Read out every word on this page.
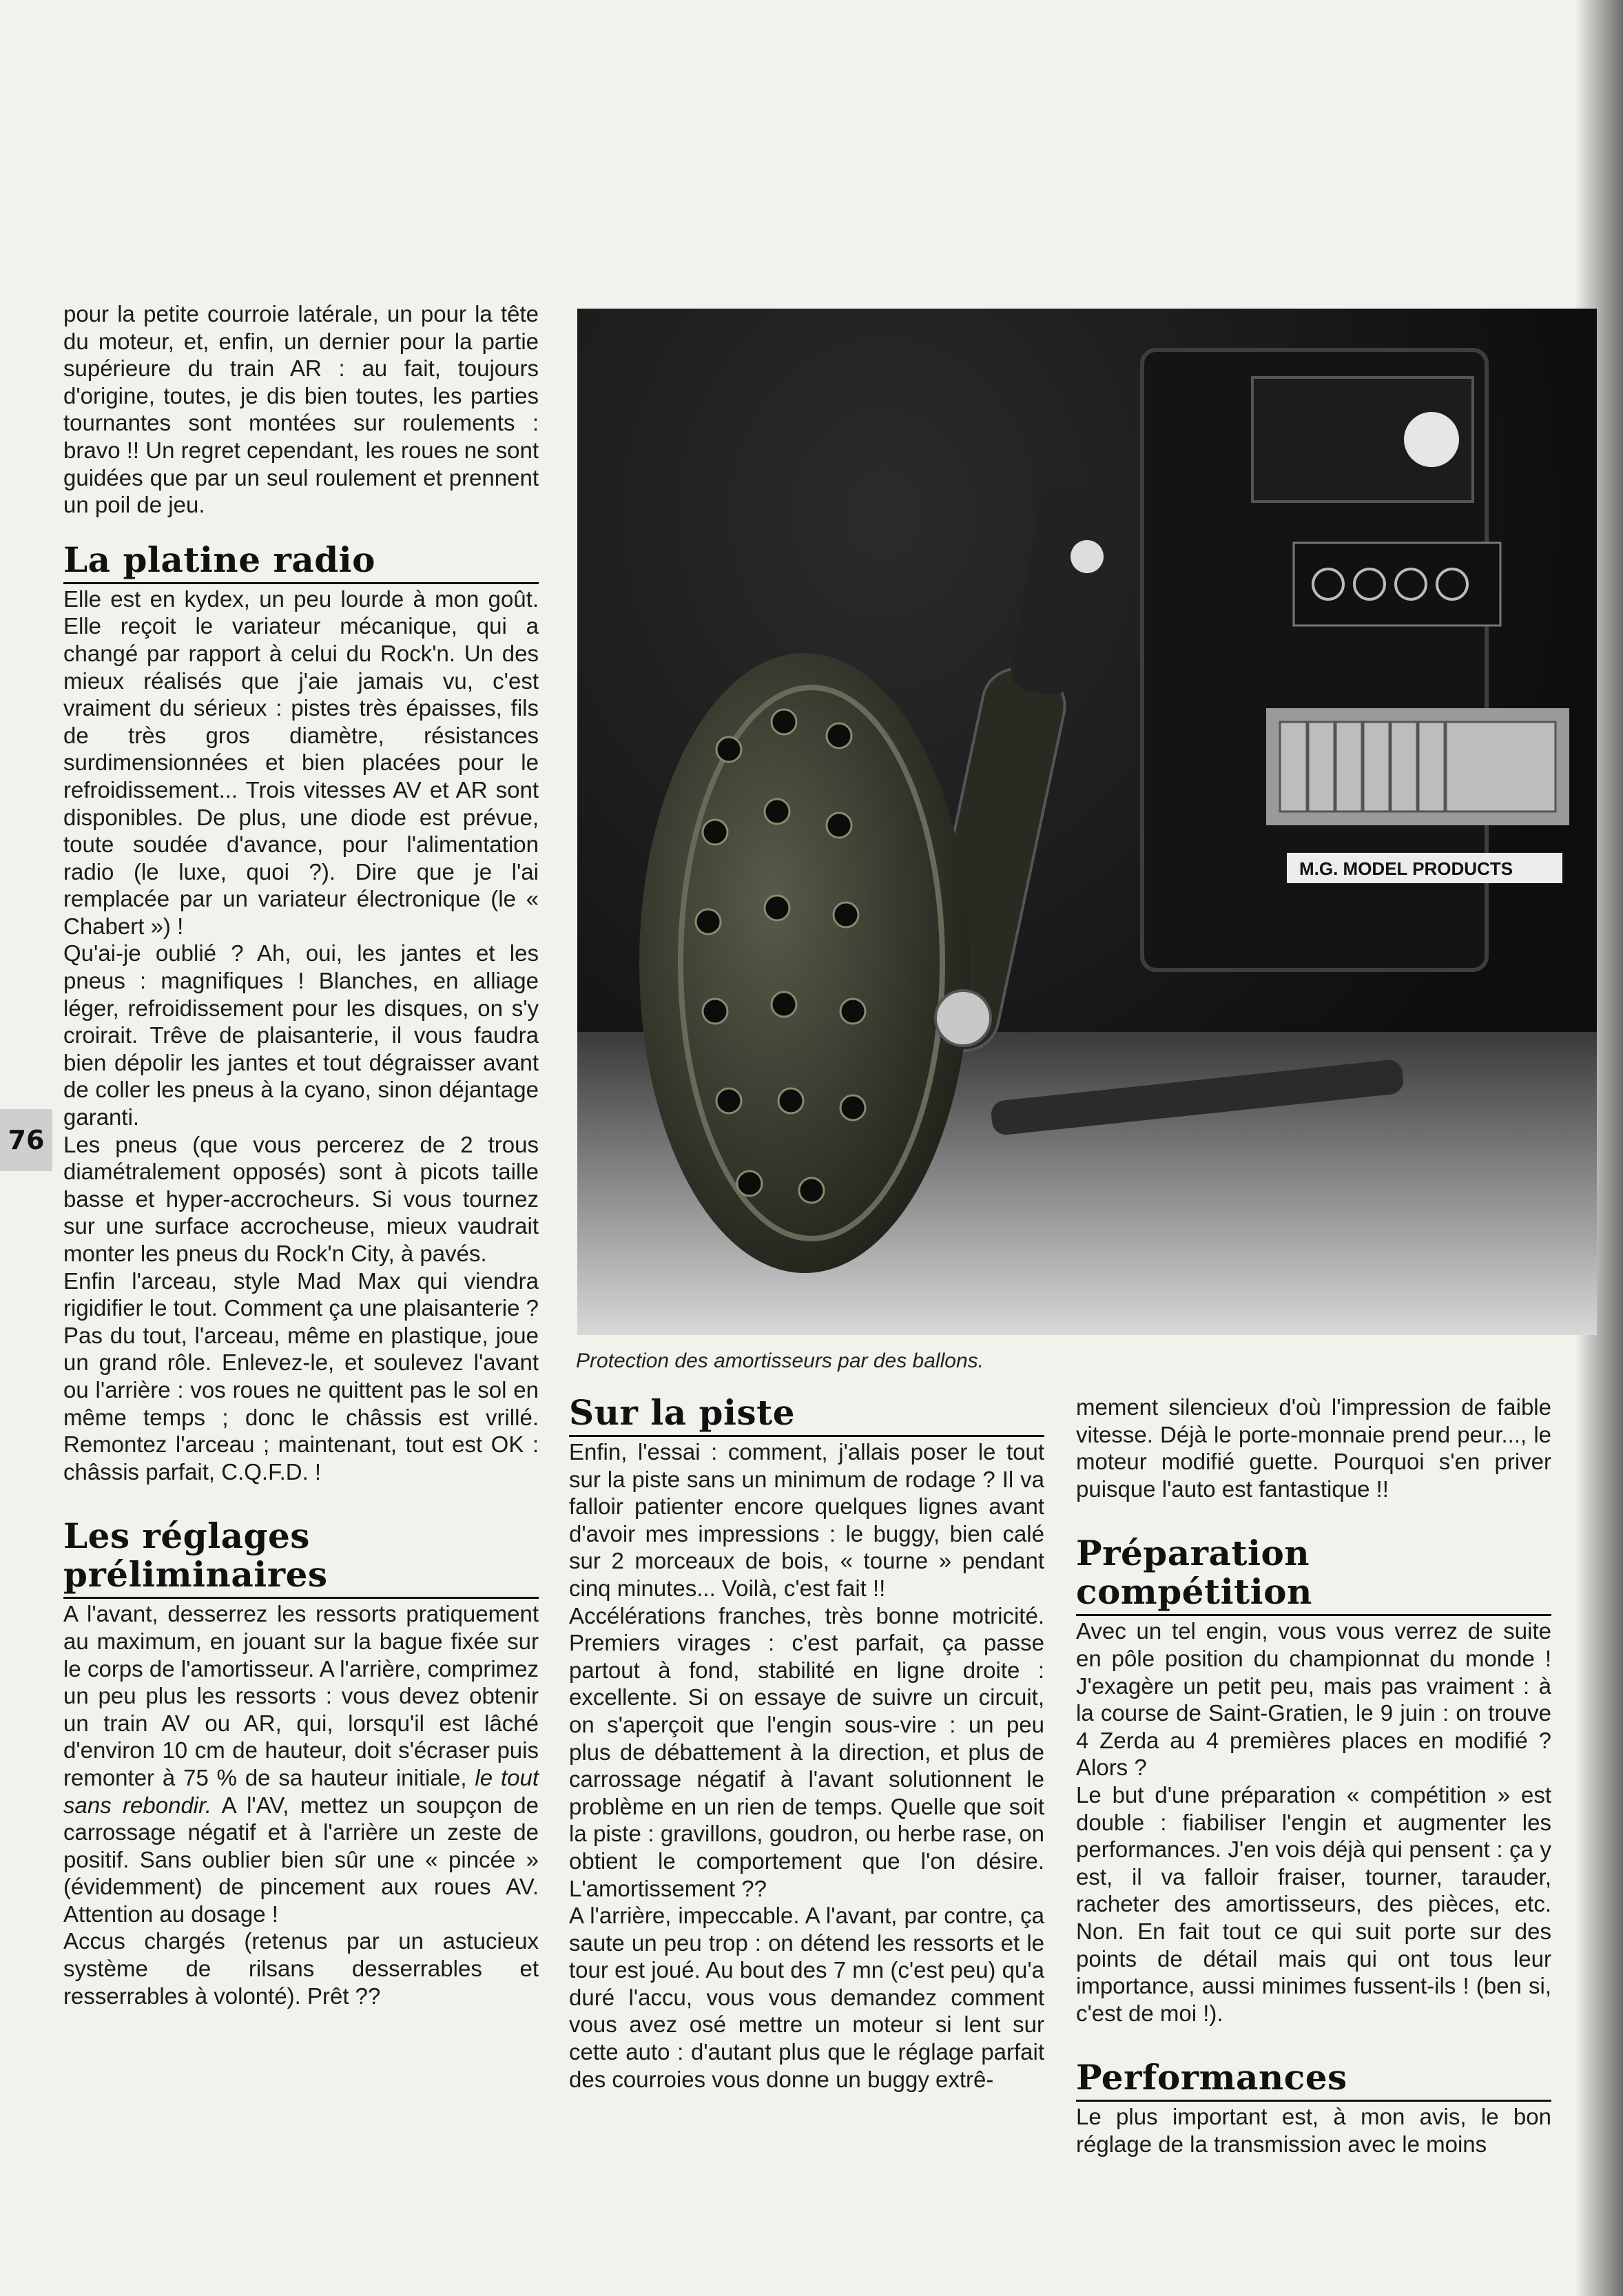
pour la petite courroie latérale, un pour la tête du moteur, et, enfin, un dernier pour la partie supérieure du train AR : au fait, toujours d'origine, toutes, je dis bien toutes, les parties tournantes sont montées sur roulements : bravo !! Un regret cependant, les roues ne sont guidées que par un seul roulement et prennent un poil de jeu.

La platine radio

Elle est en kydex, un peu lourde à mon goût. Elle reçoit le variateur mécanique, qui a changé par rapport à celui du Rock'n. Un des mieux réalisés que j'aie jamais vu, c'est vraiment du sérieux : pistes très épaisses, fils de très gros diamètre, résistances surdimensionnées et bien placées pour le refroidissement... Trois vitesses AV et AR sont disponibles. De plus, une diode est prévue, toute soudée d'avance, pour l'alimentation radio (le luxe, quoi ?). Dire que je l'ai remplacée par un variateur électronique (le « Chabert ») !

Qu'ai-je oublié ? Ah, oui, les jantes et les pneus : magnifiques ! Blanches, en alliage léger, refroidissement pour les disques, on s'y croirait. Trêve de plaisanterie, il vous faudra bien dépolir les jantes et tout dégraisser avant de coller les pneus à la cyano, sinon déjantage garanti.

Les pneus (que vous percerez de 2 trous diamétralement opposés) sont à picots taille basse et hyper-accrocheurs. Si vous tournez sur une surface accrocheuse, mieux vaudrait monter les pneus du Rock'n City, à pavés.

Enfin l'arceau, style Mad Max qui viendra rigidifier le tout. Comment ça une plaisanterie ? Pas du tout, l'arceau, même en plastique, joue un grand rôle. Enlevez-le, et soulevez l'avant ou l'arrière : vos roues ne quittent pas le sol en même temps ; donc le châssis est vrillé. Remontez l'arceau ; maintenant, tout est OK : châssis parfait, C.Q.F.D. !

Les réglages préliminaires

A l'avant, desserrez les ressorts pratiquement au maximum, en jouant sur la bague fixée sur le corps de l'amortisseur. A l'arrière, comprimez un peu plus les ressorts : vous devez obtenir un train AV ou AR, qui, lorsqu'il est lâché d'environ 10 cm de hauteur, doit s'écraser puis remonter à 75 % de sa hauteur initiale, le tout sans rebondir. A l'AV, mettez un soupçon de carrossage négatif et à l'arrière un zeste de positif. Sans oublier bien sûr une « pincée » (évidemment) de pincement aux roues AV. Attention au dosage !

Accus chargés (retenus par un astucieux système de rilsans desserrables et resserrables à volonté). Prêt ??

76
M.G. MODEL PRODUCTS
Protection des amortisseurs par des ballons.
Sur la piste

Enfin, l'essai : comment, j'allais poser le tout sur la piste sans un minimum de rodage ? Il va falloir patienter encore quelques lignes avant d'avoir mes impressions : le buggy, bien calé sur 2 morceaux de bois, « tourne » pendant cinq minutes... Voilà, c'est fait !!

Accélérations franches, très bonne motricité. Premiers virages : c'est parfait, ça passe partout à fond, stabilité en ligne droite : excellente. Si on essaye de suivre un circuit, on s'aperçoit que l'engin sous-vire : un peu plus de débattement à la direction, et plus de carrossage négatif à l'avant solutionnent le problème en un rien de temps. Quelle que soit la piste : gravillons, goudron, ou herbe rase, on obtient le comportement que l'on désire. L'amortissement ??

A l'arrière, impeccable. A l'avant, par contre, ça saute un peu trop : on détend les ressorts et le tour est joué. Au bout des 7 mn (c'est peu) qu'a duré l'accu, vous vous demandez comment vous avez osé mettre un moteur si lent sur cette auto : d'autant plus que le réglage parfait des courroies vous donne un buggy extrê-

mement silencieux d'où l'impression de faible vitesse. Déjà le porte-monnaie prend peur..., le moteur modifié guette. Pourquoi s'en priver puisque l'auto est fantastique !!

Préparation compétition

Avec un tel engin, vous vous verrez de suite en pôle position du championnat du monde ! J'exagère un petit peu, mais pas vraiment : à la course de Saint-Gratien, le 9 juin : on trouve 4 Zerda au 4 premières places en modifié ? Alors ?

Le but d'une préparation « compétition » est double : fiabiliser l'engin et augmenter les performances. J'en vois déjà qui pensent : ça y est, il va falloir fraiser, tourner, tarauder, racheter des amortisseurs, des pièces, etc. Non. En fait tout ce qui suit porte sur des points de détail mais qui ont tous leur importance, aussi minimes fussent-ils ! (ben si, c'est de moi !).

Performances

Le plus important est, à mon avis, le bon réglage de la transmission avec le moins
